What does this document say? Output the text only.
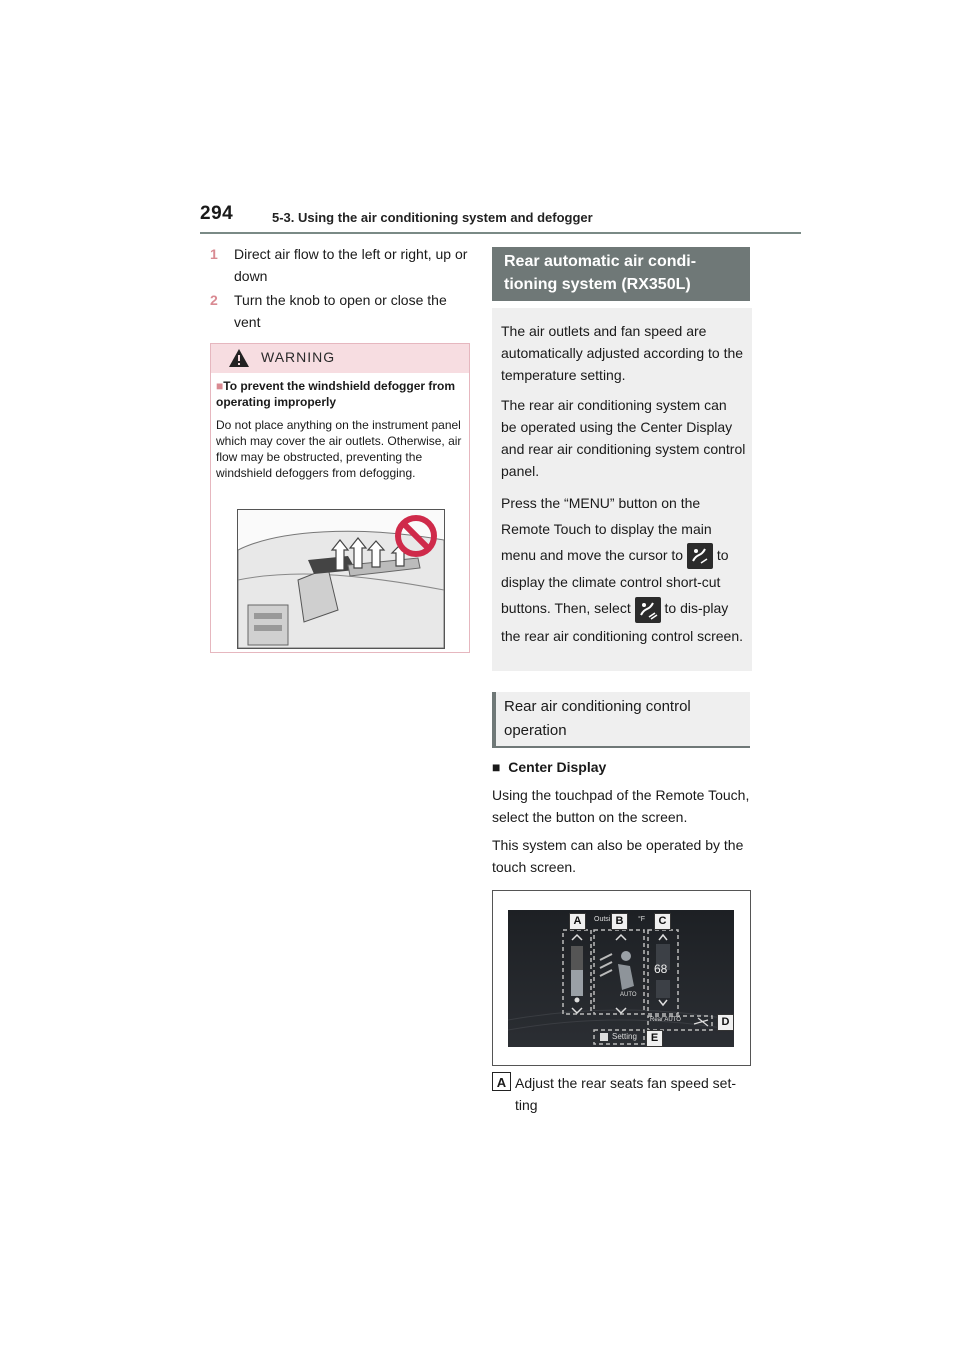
294	5-3. Using the air conditioning system and defogger
1 Direct air flow to the left or right, up or down
2 Turn the knob to open or close the vent
WARNING
■To prevent the windshield defogger from operating improperly
Do not place anything on the instrument panel which may cover the air outlets. Otherwise, air flow may be obstructed, preventing the windshield defoggers from defogging.
Rear automatic air condi-tioning system (RX350L)

The air outlets and fan speed are automatically adjusted according to the temperature setting.

The rear air conditioning system can be operated using the Center Display and rear air conditioning system control panel.

Press the “MENU” button on the Remote Touch to display the main menu and move the cursor to to display the climate control short-cut buttons. Then, select to dis-play the rear air conditioning control screen.
Rear air conditioning control operation
■ Center Display
Using the touchpad of the Remote Touch, select the button on the screen.
This system can also be operated by the touch screen.
Outsi	°F
68
AUTO
Rear AUTO
Setting
A	B	C
D
E
A Adjust the rear seats fan speed set-ting
